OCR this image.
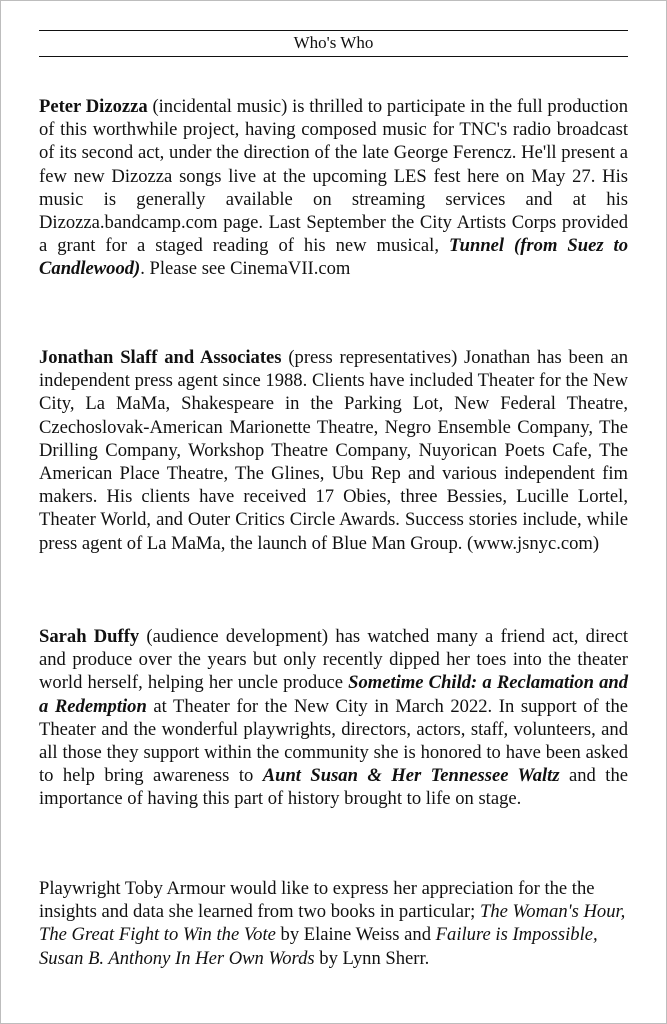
Who's Who

Peter Dizozza (incidental music) is thrilled to participate in the full production of this worthwhile project, having composed music for TNC's radio broadcast of its second act, under the direction of the late George Ferencz. He'll present a few new Dizozza songs live at the upcoming LES fest here on May 27. His music is generally available on streaming services and at his Dizozza.bandcamp.com page. Last September the City Artists Corps provided a grant for a staged reading of his new musical, Tunnel (from Suez to Candlewood). Please see CinemaVII.com

Jonathan Slaff and Associates (press representatives) Jonathan has been an independent press agent since 1988. Clients have included Theater for the New City, La MaMa, Shakespeare in the Parking Lot, New Federal Theatre, Czechoslovak-American Marionette Theatre, Negro Ensemble Company, The Drilling Company, Workshop Theatre Company, Nuyorican Poets Cafe, The American Place Theatre, The Glines, Ubu Rep and various independent fim makers. His clients have received 17 Obies, three Bessies, Lucille Lortel, Theater World, and Outer Critics Circle Awards. Success stories include, while press agent of La MaMa, the launch of Blue Man Group. (www.jsnyc.com)

Sarah Duffy (audience development) has watched many a friend act, direct and produce over the years but only recently dipped her toes into the theater world herself, helping her uncle produce Sometime Child: a Reclamation and a Redemption at Theater for the New City in March 2022. In support of the Theater and the wonderful playwrights, directors, actors, staff, volunteers, and all those they support within the community she is honored to have been asked to help bring awareness to Aunt Susan & Her Tennessee Waltz and the importance of having this part of history brought to life on stage.

Playwright Toby Armour would like to express her appreciation for the the insights and data she learned from two books in particular; The Woman's Hour, The Great Fight to Win the Vote by Elaine Weiss and Failure is Impossible, Susan B. Anthony In Her Own Words by Lynn Sherr.
